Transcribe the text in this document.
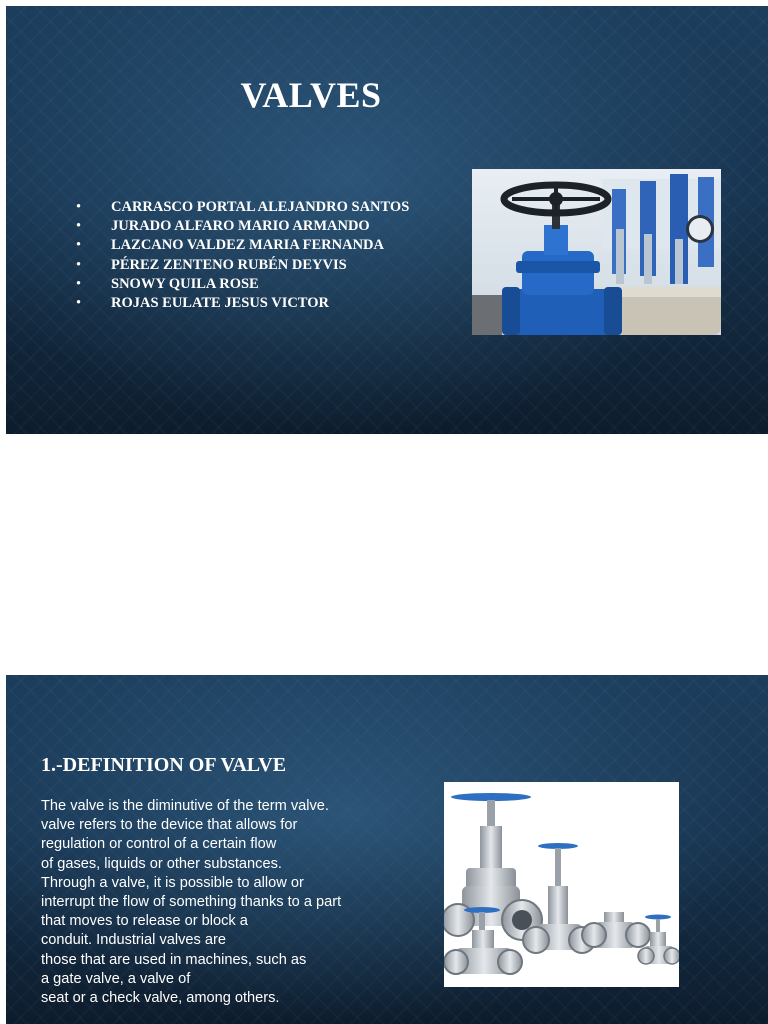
VALVES
• CARRASCO PORTAL ALEJANDRO SANTOS
• JURADO ALFARO MARIO ARMANDO
• LAZCANO VALDEZ MARIA FERNANDA
• PÉREZ ZENTENO RUBÉN DEYVIS
• SNOWY QUILA ROSE
• ROJAS EULATE JESUS VICTOR
1.-DEFINITION OF VALVE
The valve is the diminutive of the term valve.
valve refers to the device that allows for
regulation or control of a certain flow
of gases, liquids or other substances.
Through a valve, it is possible to allow or
interrupt the flow of something thanks to a part
that moves to release or block a
conduit. Industrial valves are
those that are used in machines, such as
a gate valve, a valve of
seat or a check valve, among others.
